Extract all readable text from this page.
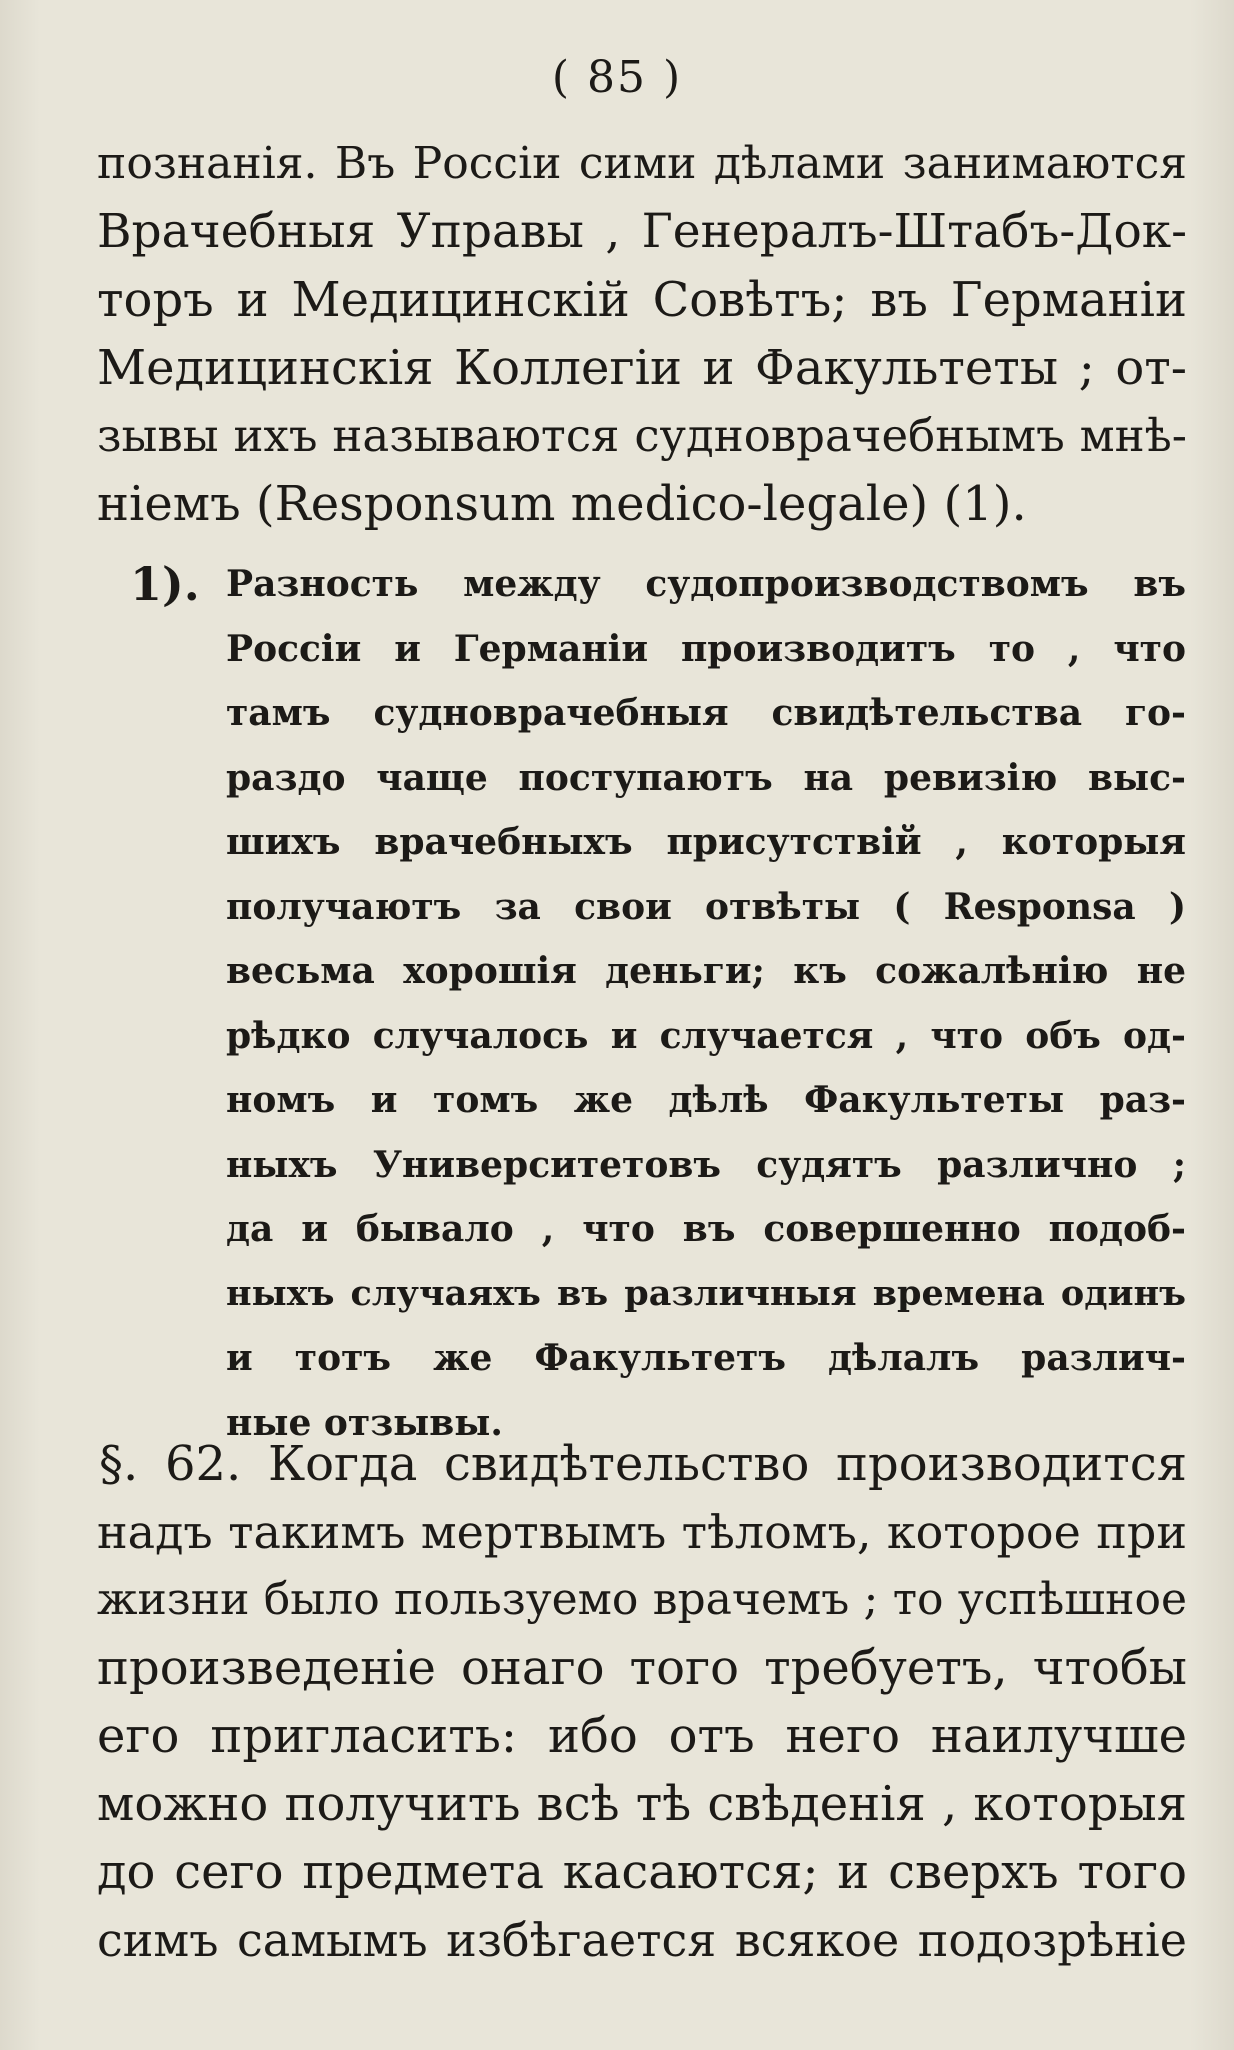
( 85 )
познанія. Въ Россіи сими дѣлами занимаются
Врачебныя Управы , Генералъ-Штабъ-Док-
торъ и Медицинскій Совѣтъ; въ Германіи
Медицинскія Коллегіи и Факультеты ; от-
зывы ихъ называются судноврачебнымъ мнѣ-
ніемъ (Responsum medico-legale) (1).
1). Разность между судопроизводствомъ въ
Россіи и Германіи производитъ то , что
тамъ судноврачебныя свидѣтельства го-
раздо чаще поступаютъ на ревизію выс-
шихъ врачебныхъ присутствій , которыя
получаютъ за свои отвѣты ( Responsa )
весьма хорошія деньги; къ сожалѣнію не
рѣдко случалось и случается , что объ од-
номъ и томъ же дѣлѣ Факультеты раз-
ныхъ Университетовъ судятъ различно ;
да и бывало , что въ совершенно подоб-
ныхъ случаяхъ въ различныя времена одинъ
и тотъ же Факультетъ дѣлалъ различ-
ные отзывы.
§. 62. Когда свидѣтельство производится
надъ такимъ мертвымъ тѣломъ, которое при
жизни было пользуемо врачемъ ; то успѣшное
произведеніе онаго того требуетъ, чтобы
его пригласить: ибо отъ него наилучше
можно получить всѣ тѣ свѣденія , которыя
до сего предмета касаются; и сверхъ того
симъ самымъ избѣгается всякое подозрѣніе
